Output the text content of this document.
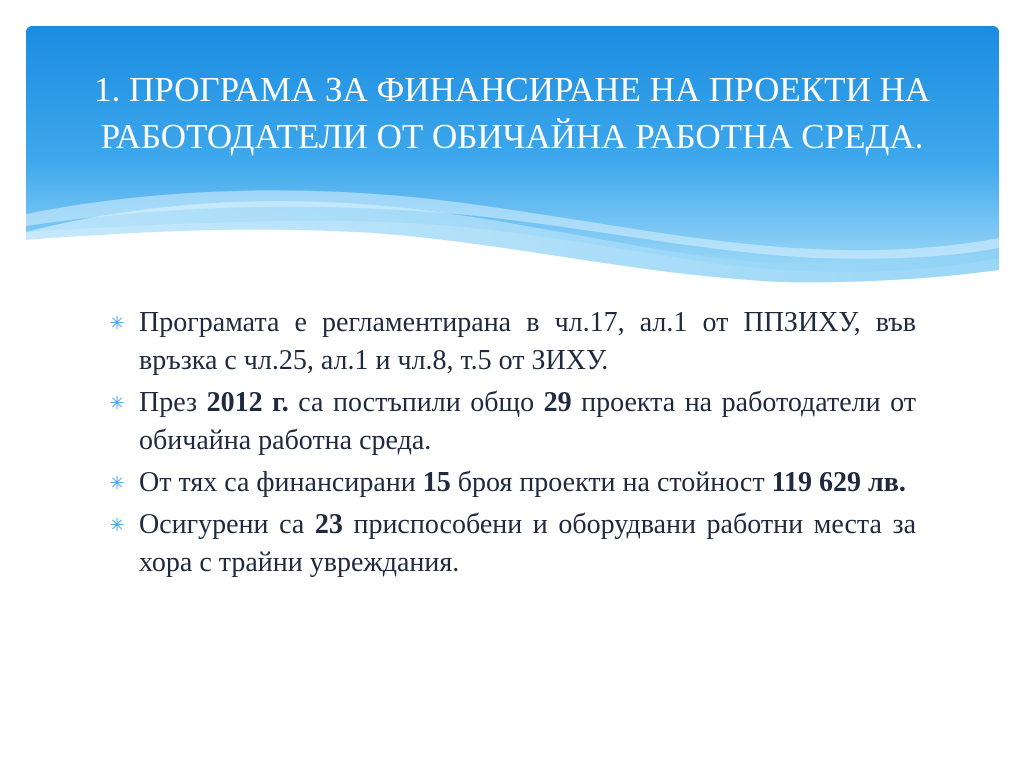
1. ПРОГРАМА ЗА ФИНАНСИРАНЕ НА ПРОЕКТИ НА РАБОТОДАТЕЛИ ОТ ОБИЧАЙНА РАБОТНА СРЕДА.
✳ Програмата е регламентирана в чл.17, ал.1 от ППЗИХУ, във връзка с чл.25, ал.1 и чл.8, т.5 от ЗИХУ.
✳ През 2012 г. са постъпили общо 29 проекта на работодатели от обичайна работна среда.
✳ От тях са финансирани 15 броя проекти на стойност 119 629 лв.
✳ Осигурени са 23 приспособени и оборудвани работни места за хора с трайни увреждания.
